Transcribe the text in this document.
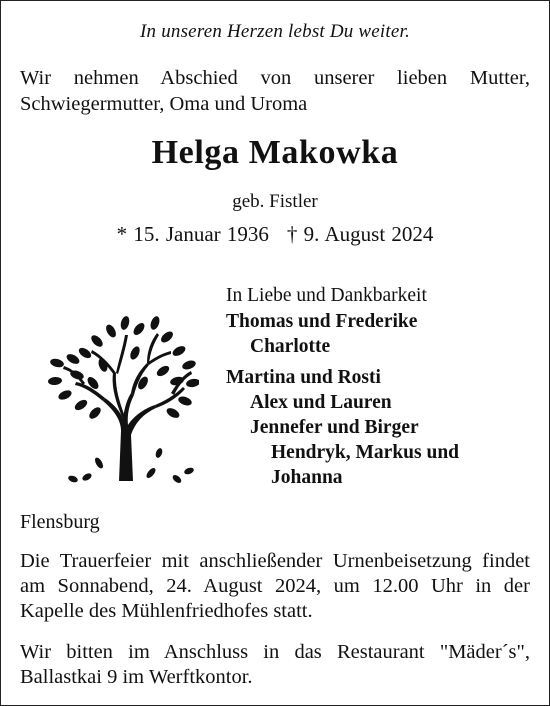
In unseren Herzen lebst Du weiter.
Wir nehmen Abschied von unserer lieben Mutter, Schwiegermutter, Oma und Uroma
Helga Makowka
geb. Fistler
* 15. Januar 1936 † 9. August 2024
In Liebe und Dankbarkeit
Thomas und Frederike
Charlotte
Martina und Rosti
Alex und Lauren
Jennefer und Birger
Hendryk, Markus und
Johanna
Flensburg
Die Trauerfeier mit anschließender Urnenbeisetzung findet am Sonnabend, 24. August 2024, um 12.00 Uhr in der Kapelle des Mühlenfriedhofes statt.
Wir bitten im Anschluss in das Restaurant "Mäder´s", Ballastkai 9 im Werftkontor.
